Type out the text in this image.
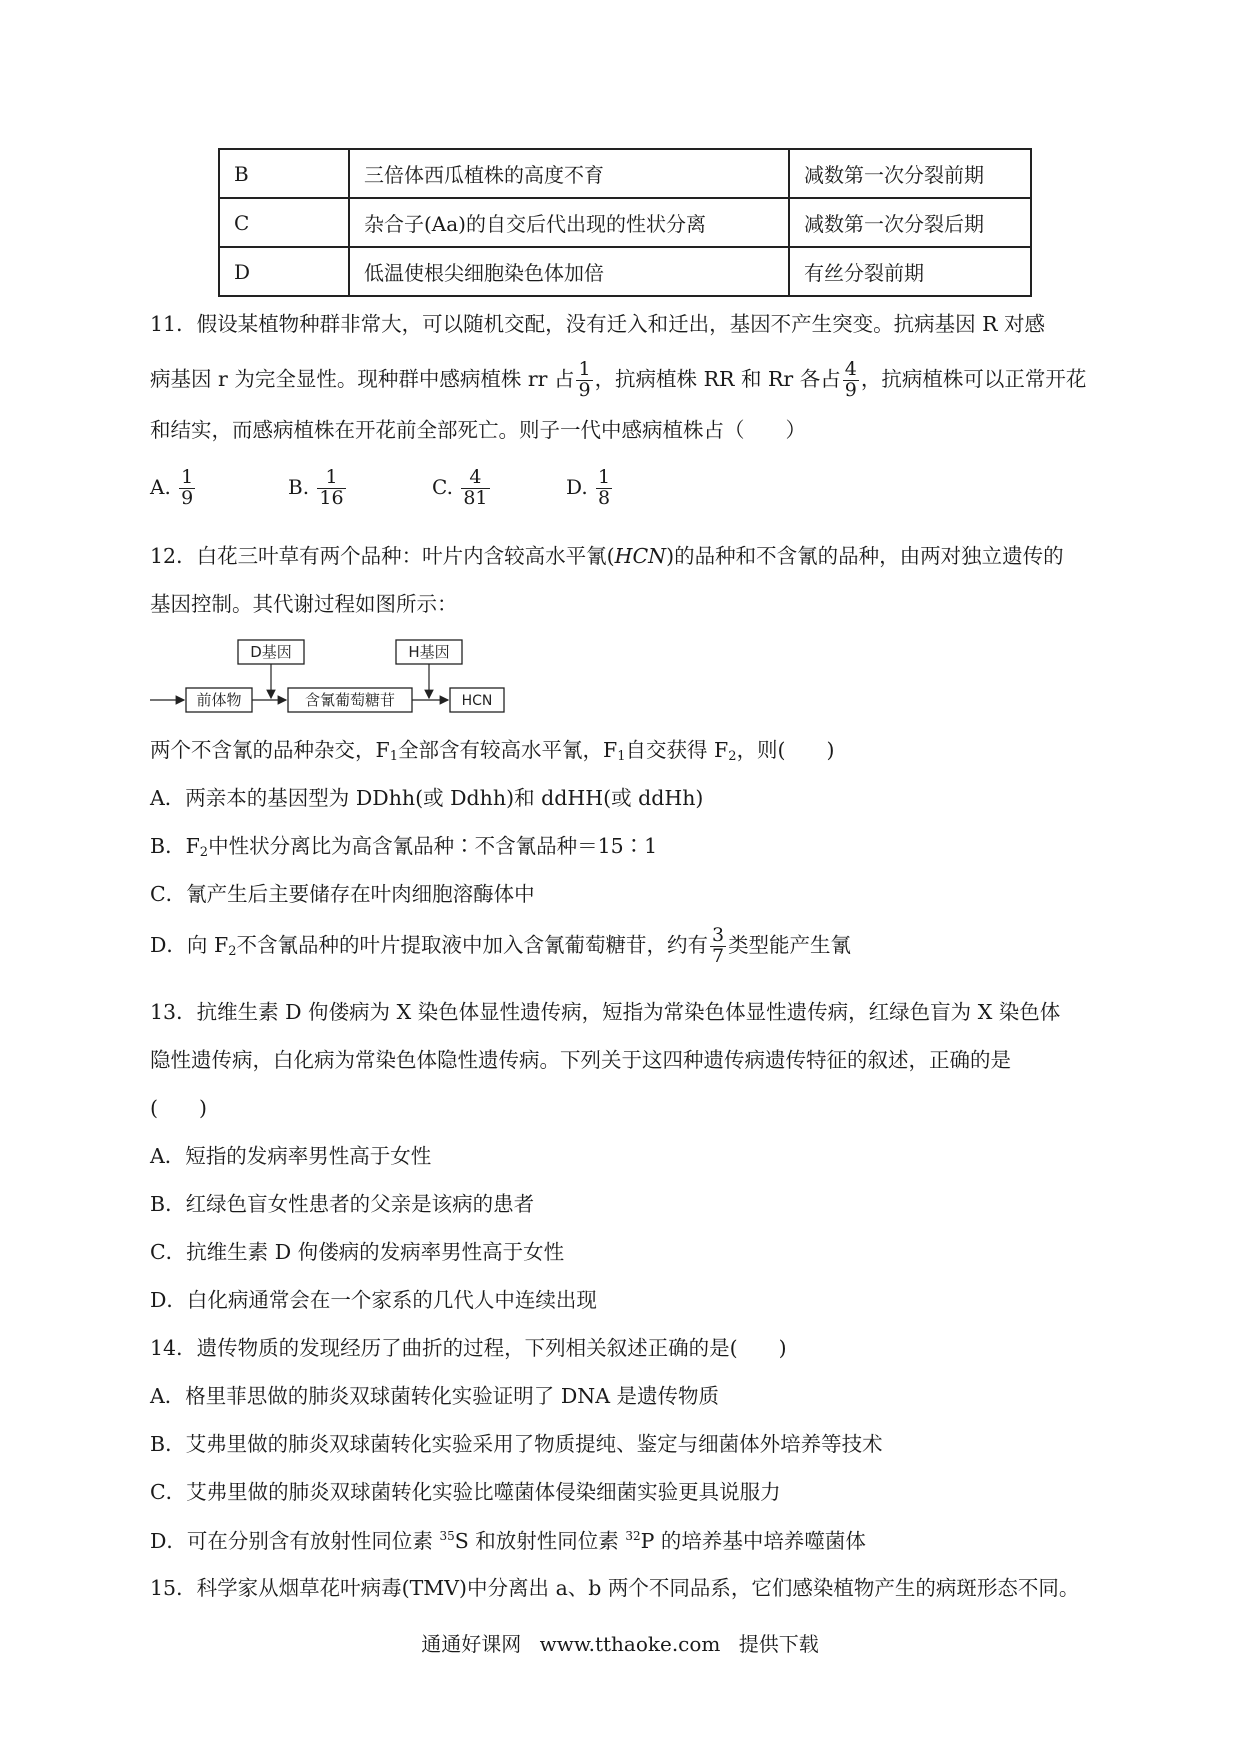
B	三倍体西瓜植株的高度不育	减数第一次分裂前期
C	杂合子(Aa)的自交后代出现的性状分离	减数第一次分裂后期
D	低温使根尖细胞染色体加倍	有丝分裂前期
11．假设某植物种群非常大，可以随机交配，没有迁入和迁出，基因不产生突变。抗病基因 R 对感
病基因 r 为完全显性。现种群中感病植株 rr 占 $\frac{1}{9}$ ，抗病植株 RR 和 Rr 各占 $\frac{4}{9}$ ，抗病植株可以正常开花
和结实，而感病植株在开花前全部死亡。则子一代中感病植株占（　　）
A. $\frac{1}{9}$	B. $\frac{1}{16}$	C. $\frac{4}{81}$	D. $\frac{1}{8}$
12．白花三叶草有两个品种：叶片内含较高水平氰(HCN)的品种和不含氰的品种，由两对独立遗传的
基因控制。其代谢过程如图所示：
D基因	H基因
前体物	含氰葡萄糖苷	HCN
两个不含氰的品种杂交，$F_1$全部含有较高水平氰，$F_1$自交获得 $F_2$，则(　　)
A．两亲本的基因型为 DDhh(或 Ddhh)和 ddHH(或 ddHh)
B．$F_2$中性状分离比为高含氰品种∶不含氰品种＝15∶1
C．氰产生后主要储存在叶肉细胞溶酶体中
D．向 $F_2$不含氰品种的叶片提取液中加入含氰葡萄糖苷，约有 $\frac{3}{7}$ 类型能产生氰
13．抗维生素 D 佝偻病为 X 染色体显性遗传病，短指为常染色体显性遗传病，红绿色盲为 X 染色体
隐性遗传病，白化病为常染色体隐性遗传病。下列关于这四种遗传病遗传特征的叙述，正确的是
(　　)
A．短指的发病率男性高于女性
B．红绿色盲女性患者的父亲是该病的患者
C．抗维生素 D 佝偻病的发病率男性高于女性
D．白化病通常会在一个家系的几代人中连续出现
14．遗传物质的发现经历了曲折的过程，下列相关叙述正确的是(　　)
A．格里菲思做的肺炎双球菌转化实验证明了 DNA 是遗传物质
B．艾弗里做的肺炎双球菌转化实验采用了物质提纯、鉴定与细菌体外培养等技术
C．艾弗里做的肺炎双球菌转化实验比噬菌体侵染细菌实验更具说服力
D．可在分别含有放射性同位素 $^{35}$S 和放射性同位素 $^{32}$P 的培养基中培养噬菌体
15．科学家从烟草花叶病毒(TMV)中分离出 a、b 两个不同品系，它们感染植物产生的病斑形态不同。
通通好课网 www.tthaoke.com 提供下载
